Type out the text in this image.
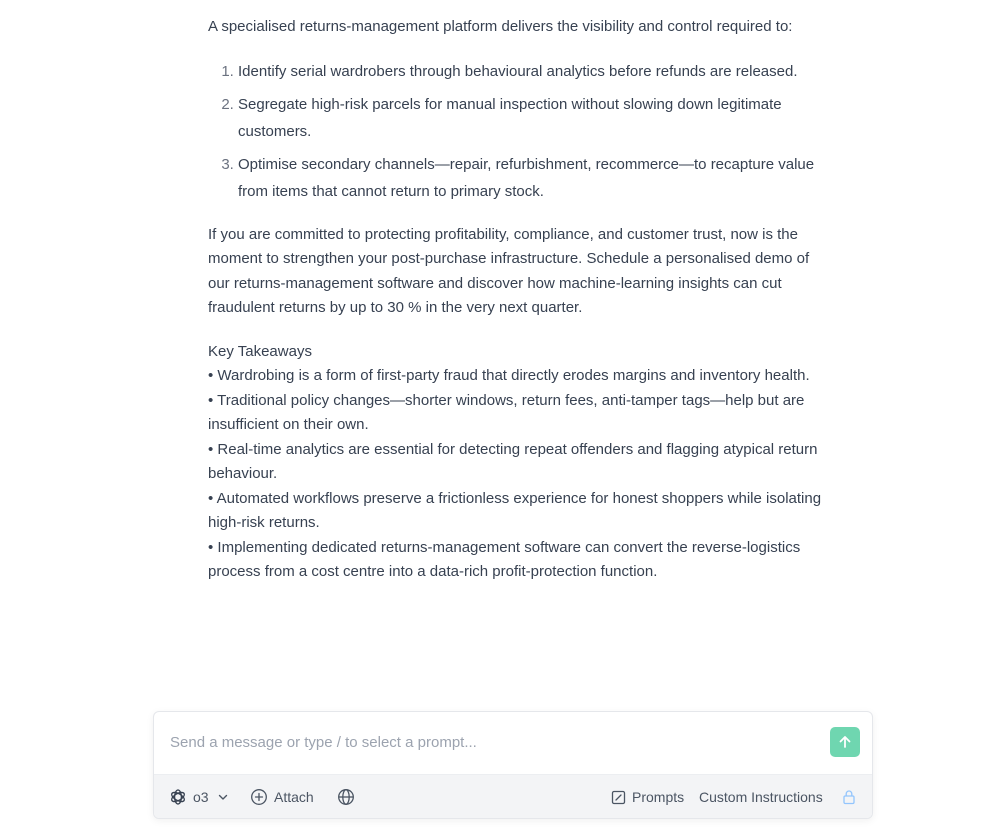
A specialised returns-management platform delivers the visibility and control required to:

1. Identify serial wardrobers through behavioural analytics before refunds are released.
2. Segregate high-risk parcels for manual inspection without slowing down legitimate customers.
3. Optimise secondary channels—repair, refurbishment, recommerce—to recapture value from items that cannot return to primary stock.

If you are committed to protecting profitability, compliance, and customer trust, now is the moment to strengthen your post-purchase infrastructure. Schedule a personalised demo of our returns-management software and discover how machine-learning insights can cut fraudulent returns by up to 30 % in the very next quarter.

Key Takeaways
• Wardrobing is a form of first-party fraud that directly erodes margins and inventory health.
• Traditional policy changes—shorter windows, return fees, anti-tamper tags—help but are insufficient on their own.
• Real-time analytics are essential for detecting repeat offenders and flagging atypical return behaviour.
• Automated workflows preserve a frictionless experience for honest shoppers while isolating high-risk returns.
• Implementing dedicated returns-management software can convert the reverse-logistics process from a cost centre into a data-rich profit-protection function.
Send a message or type / to select a prompt...
o3	Attach	Prompts Custom Instructions
